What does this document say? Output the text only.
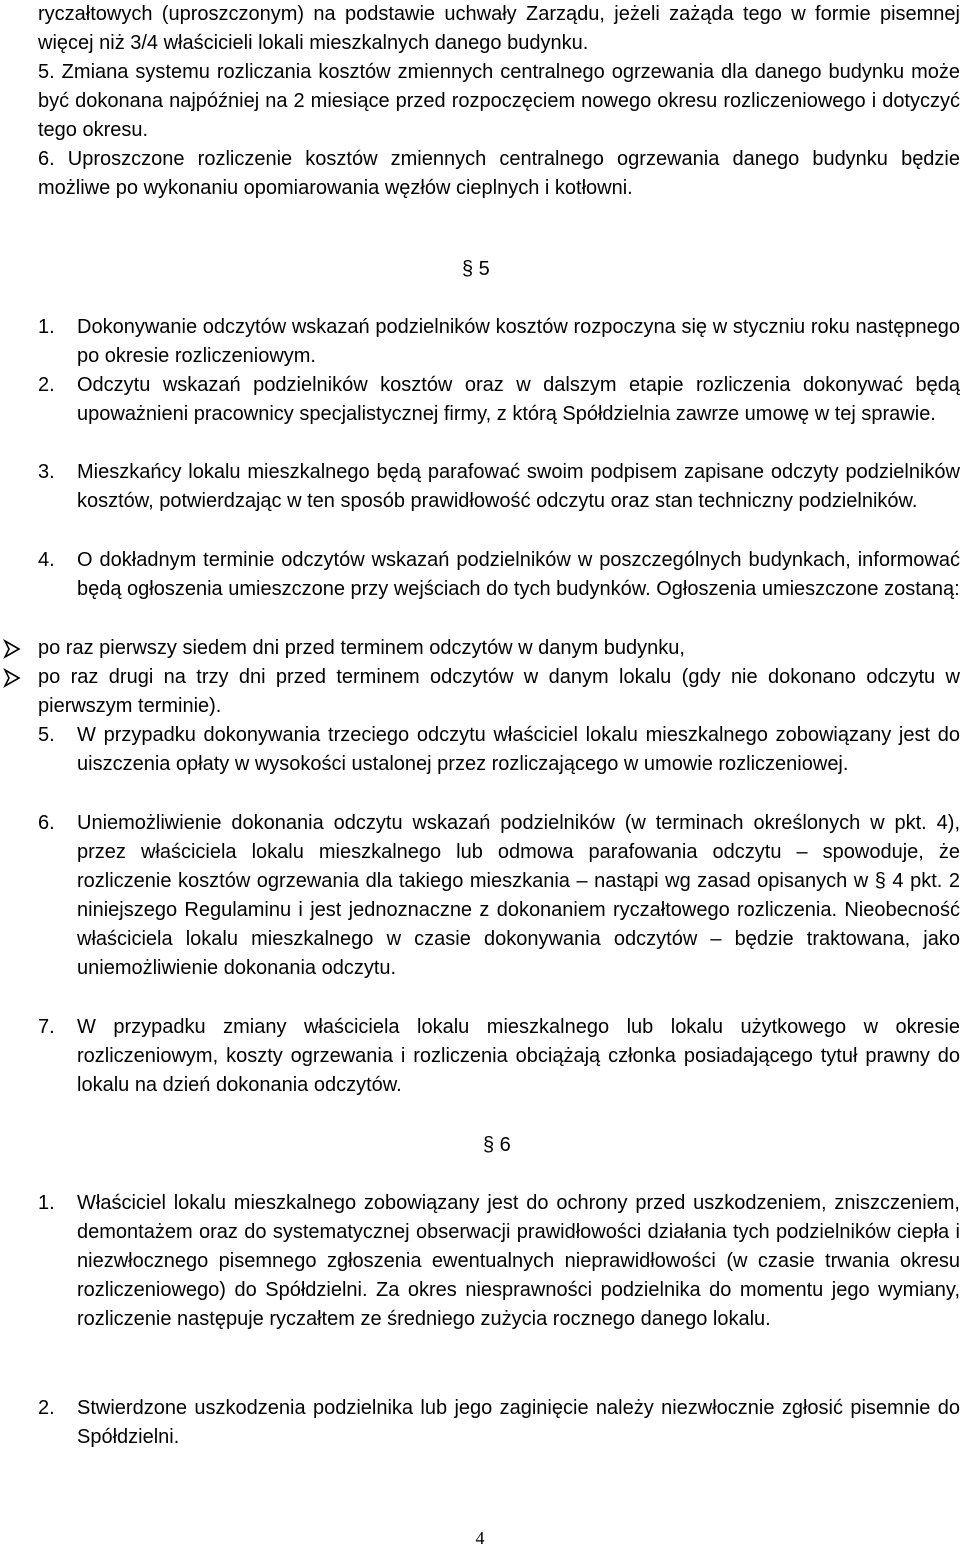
ryczałtowych (uproszczonym) na podstawie uchwały Zarządu, jeżeli zażąda tego w formie pisemnej więcej niż 3/4 właścicieli lokali mieszkalnych danego budynku.

5. Zmiana systemu rozliczania kosztów zmiennych centralnego ogrzewania dla danego budynku może być dokonana najpóźniej na 2 miesiące przed rozpoczęciem nowego okresu rozliczeniowego i dotyczyć tego okresu.

6. Uproszczone rozliczenie kosztów zmiennych centralnego ogrzewania danego budynku będzie możliwe po wykonaniu opomiarowania węzłów cieplnych i kotłowni.

§ 5
1.	Dokonywanie odczytów wskazań podzielników kosztów rozpoczyna się w styczniu roku następnego po okresie rozliczeniowym.

2.	Odczytu wskazań podzielników kosztów oraz w dalszym etapie rozliczenia dokonywać będą upoważnieni pracownicy specjalistycznej firmy, z którą Spółdzielnia zawrze umowę w tej sprawie.

3.	Mieszkańcy lokalu mieszkalnego będą parafować swoim podpisem zapisane odczyty podzielników kosztów, potwierdzając w ten sposób prawidłowość odczytu oraz stan techniczny podzielników.

4.	O dokładnym terminie odczytów wskazań podzielników w poszczególnych budynkach, informować będą ogłoszenia umieszczone przy wejściach do tych budynków. Ogłoszenia umieszczone zostaną:

po raz pierwszy siedem dni przed terminem odczytów w danym budynku,

po raz drugi na trzy dni przed terminem odczytów w danym lokalu (gdy nie dokonano odczytu w pierwszym terminie).

5.	W przypadku dokonywania trzeciego odczytu właściciel lokalu mieszkalnego zobowiązany jest do uiszczenia opłaty w wysokości ustalonej przez rozliczającego w umowie rozliczeniowej.

6.	Uniemożliwienie dokonania odczytu wskazań podzielników (w terminach określonych w pkt. 4), przez właściciela lokalu mieszkalnego lub odmowa parafowania odczytu – spowoduje, że rozliczenie kosztów ogrzewania dla takiego mieszkania – nastąpi wg zasad opisanych w § 4 pkt. 2 niniejszego Regulaminu i jest jednoznaczne z dokonaniem ryczałtowego rozliczenia. Nieobecność właściciela lokalu mieszkalnego w czasie dokonywania odczytów – będzie traktowana, jako uniemożliwienie dokonania odczytu.

7.	W przypadku zmiany właściciela lokalu mieszkalnego lub lokalu użytkowego w okresie rozliczeniowym, koszty ogrzewania i rozliczenia obciążają członka posiadającego tytuł prawny do lokalu na dzień dokonania odczytów.

§ 6
1.	Właściciel lokalu mieszkalnego zobowiązany jest do ochrony przed uszkodzeniem, zniszczeniem, demontażem oraz do systematycznej obserwacji prawidłowości działania tych podzielników ciepła i niezwłocznego pisemnego zgłoszenia ewentualnych nieprawidłowości (w czasie trwania okresu rozliczeniowego) do Spółdzielni. Za okres niesprawności podzielnika do momentu jego wymiany, rozliczenie następuje ryczałtem ze średniego zużycia rocznego danego lokalu.

2.	Stwierdzone uszkodzenia podzielnika lub jego zaginięcie należy niezwłocznie zgłosić pisemnie do Spółdzielni.

4
